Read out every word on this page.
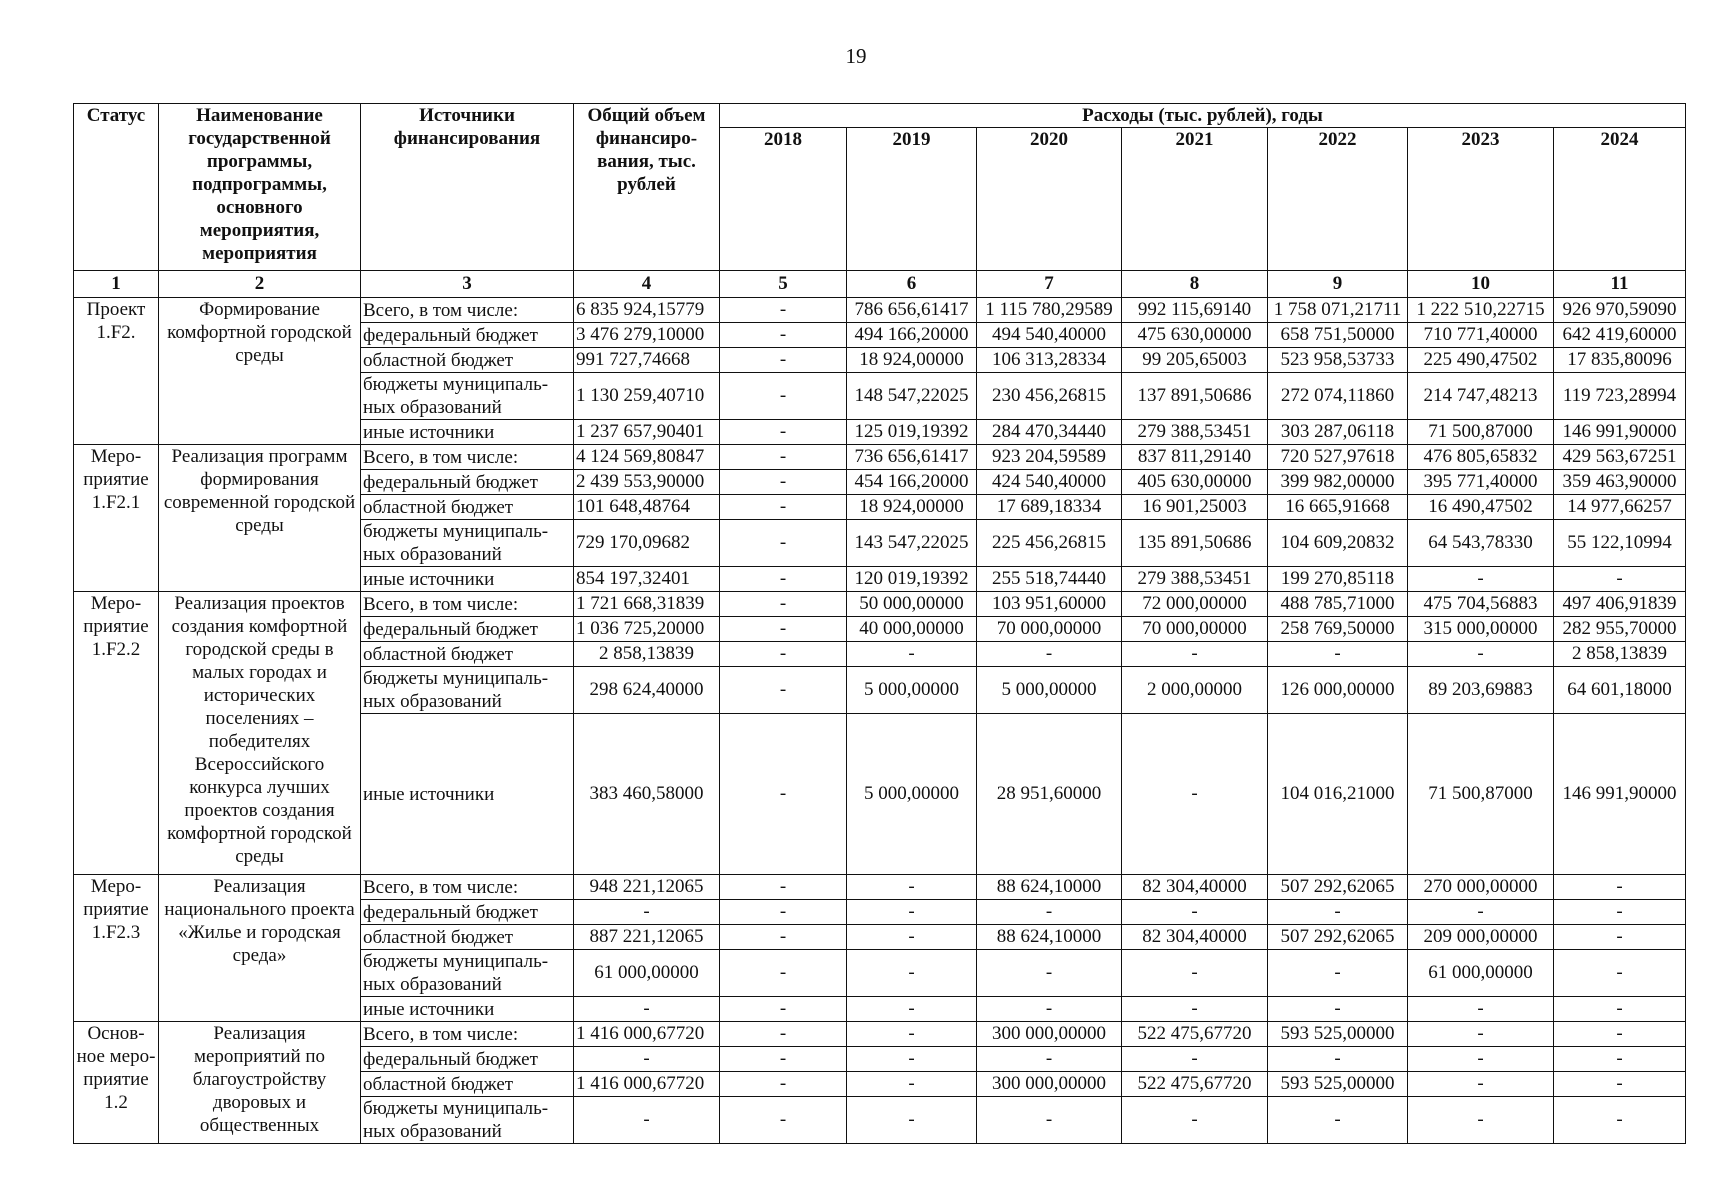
19
Статус	Наименование государственной программы, подпрограммы, основного мероприятия, мероприятия	Источники финансирования	Общий объем финансиро-вания, тыс. рублей	Расходы (тыс. рублей), годы						
				2018	2019	2020	2021	2022	2023	2024
1	2	3	4	5	6	7	8	9	10	11
Проект 1.F2.	Формирование комфортной городской среды	Всего, в том числе:	6 835 924,15779	-	786 656,61417	1 115 780,29589	992 115,69140	1 758 071,21711	1 222 510,22715	926 970,59090
		федеральный бюджет	3 476 279,10000	-	494 166,20000	494 540,40000	475 630,00000	658 751,50000	710 771,40000	642 419,60000
		областной бюджет	991 727,74668	-	18 924,00000	106 313,28334	99 205,65003	523 958,53733	225 490,47502	17 835,80096
		бюджеты муниципаль-ных образований	1 130 259,40710	-	148 547,22025	230 456,26815	137 891,50686	272 074,11860	214 747,48213	119 723,28994
		иные источники	1 237 657,90401	-	125 019,19392	284 470,34440	279 388,53451	303 287,06118	71 500,87000	146 991,90000
Меро-приятие 1.F2.1	Реализация программ формирования современной городской среды	Всего, в том числе:	4 124 569,80847	-	736 656,61417	923 204,59589	837 811,29140	720 527,97618	476 805,65832	429 563,67251
		федеральный бюджет	2 439 553,90000	-	454 166,20000	424 540,40000	405 630,00000	399 982,00000	395 771,40000	359 463,90000
		областной бюджет	101 648,48764	-	18 924,00000	17 689,18334	16 901,25003	16 665,91668	16 490,47502	14 977,66257
		бюджеты муниципаль-ных образований	729 170,09682	-	143 547,22025	225 456,26815	135 891,50686	104 609,20832	64 543,78330	55 122,10994
		иные источники	854 197,32401	-	120 019,19392	255 518,74440	279 388,53451	199 270,85118	-	-
Меро-приятие 1.F2.2	Реализация проектов создания комфортной городской среды в малых городах и исторических поселениях – победителях Всероссийского конкурса лучших проектов создания комфортной городской среды	Всего, в том числе:	1 721 668,31839	-	50 000,00000	103 951,60000	72 000,00000	488 785,71000	475 704,56883	497 406,91839
		федеральный бюджет	1 036 725,20000	-	40 000,00000	70 000,00000	70 000,00000	258 769,50000	315 000,00000	282 955,70000
		областной бюджет	2 858,13839	-	-	-	-	-	-	2 858,13839
		бюджеты муниципаль-ных образований	298 624,40000	-	5 000,00000	5 000,00000	2 000,00000	126 000,00000	89 203,69883	64 601,18000
		иные источники	383 460,58000	-	5 000,00000	28 951,60000	-	104 016,21000	71 500,87000	146 991,90000
Меро-приятие 1.F2.3	Реализация национального проекта «Жилье и городская среда»	Всего, в том числе:	948 221,12065	-	-	88 624,10000	82 304,40000	507 292,62065	270 000,00000	-
		федеральный бюджет	-	-	-	-	-	-	-	-
		областной бюджет	887 221,12065	-	-	88 624,10000	82 304,40000	507 292,62065	209 000,00000	-
		бюджеты муниципаль-ных образований	61 000,00000	-	-	-	-	-	61 000,00000	-
		иные источники	-	-	-	-	-	-	-	-
Основ-ное меро-приятие 1.2	Реализация мероприятий по благоустройству дворовых и общественных	Всего, в том числе:	1 416 000,67720	-	-	300 000,00000	522 475,67720	593 525,00000	-	-
		федеральный бюджет	-	-	-	-	-	-	-	-
		областной бюджет	1 416 000,67720	-	-	300 000,00000	522 475,67720	593 525,00000	-	-
		бюджеты муниципаль-ных образований	-	-	-	-	-	-	-	-
